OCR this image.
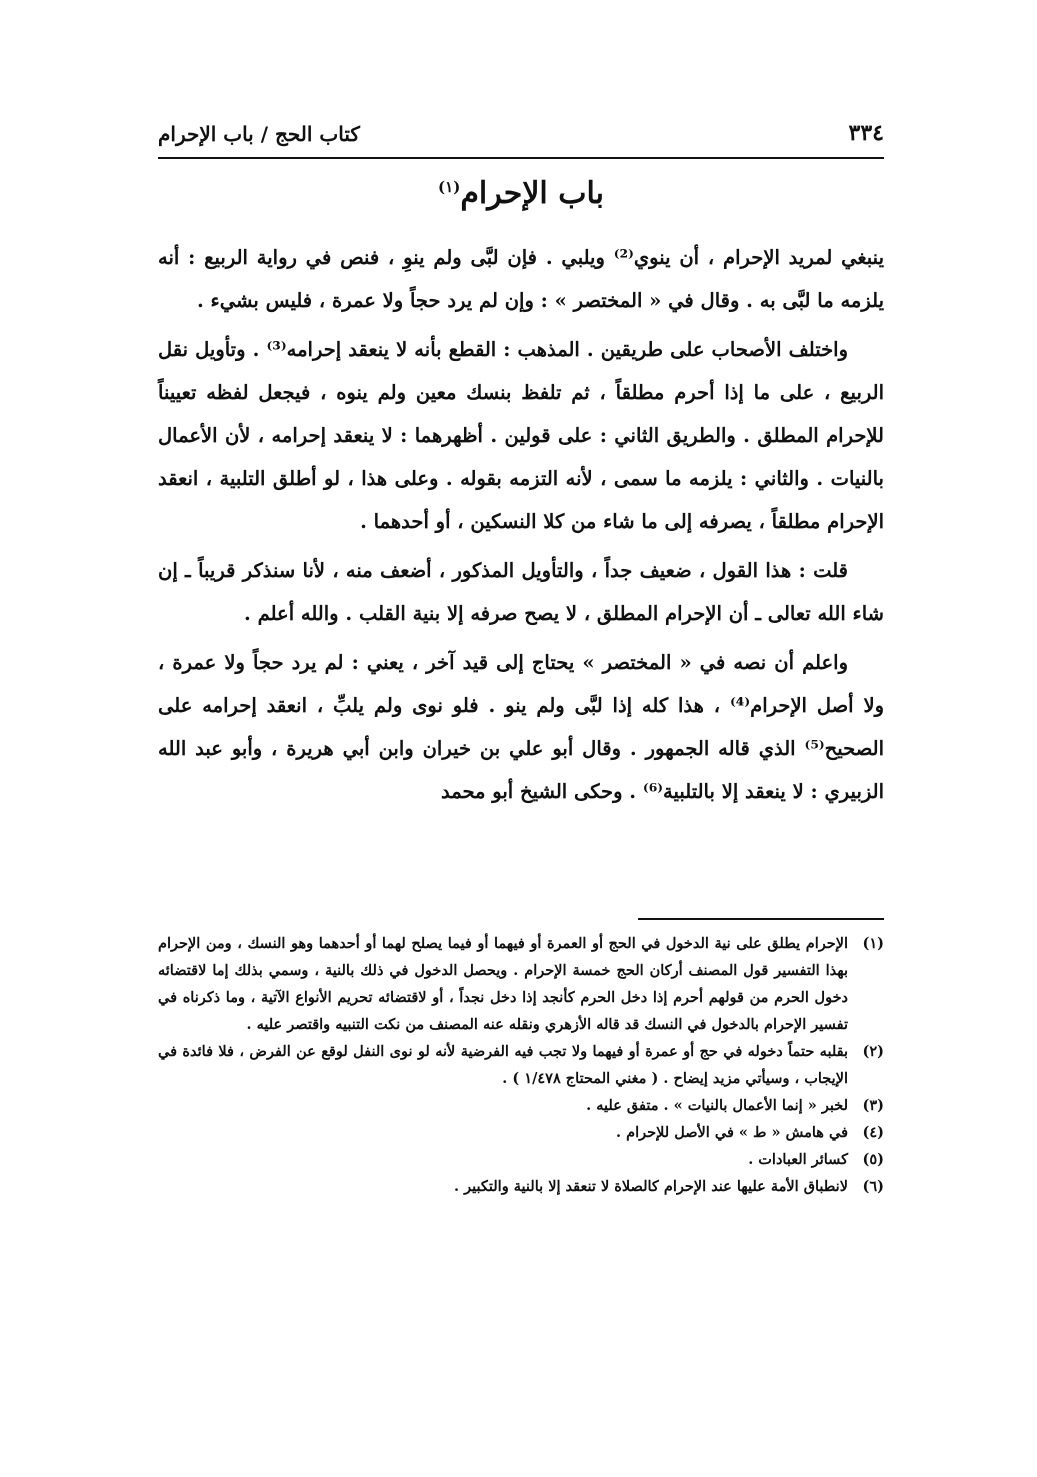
٣٣٤
كتاب الحج / باب الإحرام
باب الإحرام$^{(١)}$

ينبغي لمريد الإحرام ، أن ينوي⁽²⁾ ويلبي . فإن لبَّى ولم ينوِ ، فنص في رواية الربيع : أنه يلزمه ما لبَّى به . وقال في « المختصر » : وإن لم يرد حجاً ولا عمرة ، فليس بشيء .

واختلف الأصحاب على طريقين . المذهب : القطع بأنه لا ينعقد إحرامه⁽³⁾ . وتأويل نقل الربيع ، على ما إذا أحرم مطلقاً ، ثم تلفظ بنسك معين ولم ينوه ، فيجعل لفظه تعييناً للإحرام المطلق . والطريق الثاني : على قولين . أظهرهما : لا ينعقد إحرامه ، لأن الأعمال بالنيات . والثاني : يلزمه ما سمى ، لأنه التزمه بقوله . وعلى هذا ، لو أطلق التلبية ، انعقد الإحرام مطلقاً ، يصرفه إلى ما شاء من كلا النسكين ، أو أحدهما .

قلت : هذا القول ، ضعيف جداً ، والتأويل المذكور ، أضعف منه ، لأنا سنذكر قريباً ـ إن شاء الله تعالى ـ أن الإحرام المطلق ، لا يصح صرفه إلا بنية القلب . والله أعلم .

واعلم أن نصه في « المختصر » يحتاج إلى قيد آخر ، يعني : لم يرد حجاً ولا عمرة ، ولا أصل الإحرام⁽⁴⁾ ، هذا كله إذا لبَّى ولم ينو . فلو نوى ولم يلبِّ ، انعقد إحرامه على الصحيح⁽⁵⁾ الذي قاله الجمهور . وقال أبو علي بن خيران وابن أبي هريرة ، وأبو عبد الله الزبيري : لا ينعقد إلا بالتلبية⁽⁶⁾ . وحكى الشيخ أبو محمد

(١)
الإحرام يطلق على نية الدخول في الحج أو العمرة أو فيهما أو فيما يصلح لهما أو أحدهما وهو النسك ، ومن الإحرام بهذا التفسير قول المصنف أركان الحج خمسة الإحرام . ويحصل الدخول في ذلك بالنية ، وسمي بذلك إما لاقتضائه دخول الحرم من قولهم أحرم إذا دخل الحرم كأنجد إذا دخل نجداً ، أو لاقتضائه تحريم الأنواع الآتية ، وما ذكرناه في تفسير الإحرام بالدخول في النسك قد قاله الأزهري ونقله عنه المصنف من نكت التنبيه واقتصر عليه .
(٢)
بقلبه حتماً دخوله في حج أو عمرة أو فيهما ولا تجب فيه الفرضية لأنه لو نوى النفل لوقع عن الفرض ، فلا فائدة في الإيجاب ، وسيأتي مزيد إيضاح . ( مغني المحتاج ١/٤٧٨ ) .
(٣)
لخبر « إنما الأعمال بالنيات » . متفق عليه .
(٤)
في هامش « ط » في الأصل للإحرام .
(٥)
كسائر العبادات .
(٦)
لانطباق الأمة عليها عند الإحرام كالصلاة لا تنعقد إلا بالنية والتكبير .
